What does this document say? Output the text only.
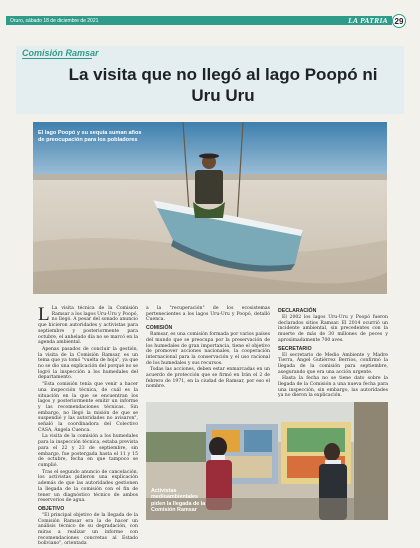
Oruro, sábado 18 de diciembre de 2021	LA PATRIA 29
Comisión Ramsar
La visita que no llegó al lago Poopó ni Uru Uru
El lago Poopó y su sequía suman años de preocupación para los pobladores

L La visita técnica de la Comisión Ramsar a los lagos Uru-Uru y Poopó, no llegó. A pesar del sonado anuncio que hicieron autoridades y activistas para septiembre y posteriormente para octubre, el anhelado día no se marcó en la agenda ambiental.

Apenas pasados de concluir la gestión, la visita de la Comisión Ramsar, es un tema que ya tomó "vuelta de hoja", ya que no se dio una explicación del porqué no se logró la inspección a los humedales del departamento.

"Esta comisión tenía que venir a hacer una inspección técnica, de cuál es la situación en la que se encuentran los lagos y posteriormente emitir un informe y las recomendaciones técnicas. Sin embargo, no llegó la misión de que se suspendió y las autoridades no avisaron", señaló la coordinadora del Colectivo CASA, Ángela Cuenca.

La visita de la comisión a los humedales para la inspección técnica, estaba prevista para el 22 y 23 de septiembre, sin embargo, fue postergada hasta el 11 y 15 de octubre, fecha en que tampoco se cumplió.

Tras el segundo anuncio de cancelación, los activistas pidieron una explicación además de que las autoridades gestionen la llegada de la comisión con el fin de tener un diagnóstico técnico de ambos reservorios de agua.

OBJETIVO

"El principal objetivo de la llegada de la Comisión Ramsar era la de hacer un análisis técnico de su degradación, con miras a realizar un informe con recomendaciones concretas al Estado boliviano", orientada

a la "recuperación" de los ecosistemas pertenecientes a los lagos Uru-Uru y Poopó, detalló Cuenca.

COMISIÓN

Ramsar, es una comisión formada por varios países del mundo que se preocupa por la preservación de los humedales de gran importancia, tiene el objetivo de promover acciones nacionales, la cooperación internacional para la conservación y el uso racional de los humedales y sus recursos.

Todas las acciones, deben estar enmarcadas en un acuerdo de protección que se firmó en Irán el 2 de febrero de 1971, en la ciudad de Ramsar, por eso el nombre.

DECLARACIÓN

El 2002 los lagos Uru-Uru y Poopó fueron declarados sitios Ramsar. El 2014 ocurrió un incidente ambiental, sin precedentes con la muerte de más de 30 millones de peces y aproximadamente 700 aves.

SECRETARIO

El secretario de Medio Ambiente y Madre Tierra, Ángel Gutiérrez Berríos, confirmó la llegada de la comisión para septiembre, asegurando que era una acción urgente.

Hasta la fecha no se tiene dato sobre la llegada de la Comisión a una nueva fecha para una inspección, sin embargo, las autoridades ya no dieron la explicación.

Activistas medioambientales piden la llegada de la Comisión Ramsar
